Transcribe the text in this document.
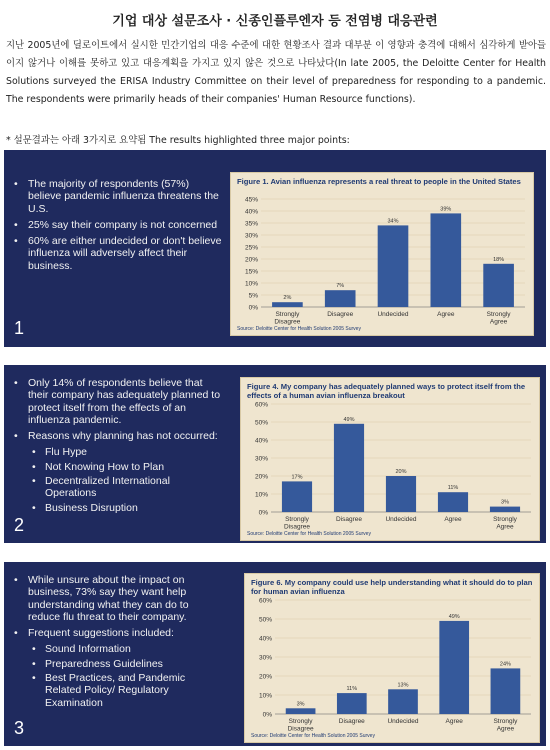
기업 대상 설문조사 · 신종인플루엔자 등 전염병 대응관련
지난 2005년에 딜로이트에서 실시한 민간기업의 대응 수준에 대한 현황조사 결과 대부분 이 영향과 충격에 대해서 심각하게 받아들이지 않거나 이해를 못하고 있고 대응계획을 가지고 있지 않은 것으로 나타났다(In late 2005, the Deloitte Center for Health Solutions surveyed the ERISA Industry Committee on their level of preparedness for responding to a pandemic. The respondents were primarily heads of their companies' Human Resource functions).
* 설문결과는 아래 3가지로 요약됨 The results highlighted three major points:
• The majority of respondents (57%) believe pandemic influenza threatens the U.S.
• 25% say their company is not concerned
• 60% are either undecided or don't believe influenza will adversely affect their business.
1
Figure 1. Avian influenza represents a real threat to people in the United States
0%
5%
10%
15%
20%
25%
30%
35%
40%
45%
2%
Strongly Disagree
7%
Disagree
34%
Undecided
39%
Agree
18%
Strongly Agree
Source: Deloitte Center for Health Solution 2005 Survey
• Only 14% of respondents believe that their company has adequately planned to protect itself from the effects of an influenza pandemic.
• Reasons why planning has not occurred:
• Flu Hype
• Not Knowing How to Plan
• Decentralized International Operations
• Business Disruption
2
Figure 4. My company has adequately planned ways to protect itself from the effects of a human avian influenza breakout
0%
10%
20%
30%
40%
50%
60%
17%
Strongly Disagree
49%
Disagree
20%
Undecided
11%
Agree
3%
Strongly Agree
Source: Deloitte Center for Health Solution 2005 Survey
• While unsure about the impact on business, 73% say they want help understanding what they can do to reduce flu threat to their company.
• Frequent suggestions included:
• Sound Information
• Preparedness Guidelines
• Best Practices, and Pandemic Related Policy/ Regulatory Examination
3
Figure 6. My company could use help understanding what it should do to plan for human avian influenza
0%
10%
20%
30%
40%
50%
60%
3%
Strongly Disagree
11%
Disagree
13%
Undecided
49%
Agree
24%
Strongly Agree
Source: Deloitte Center for Health Solution 2005 Survey
